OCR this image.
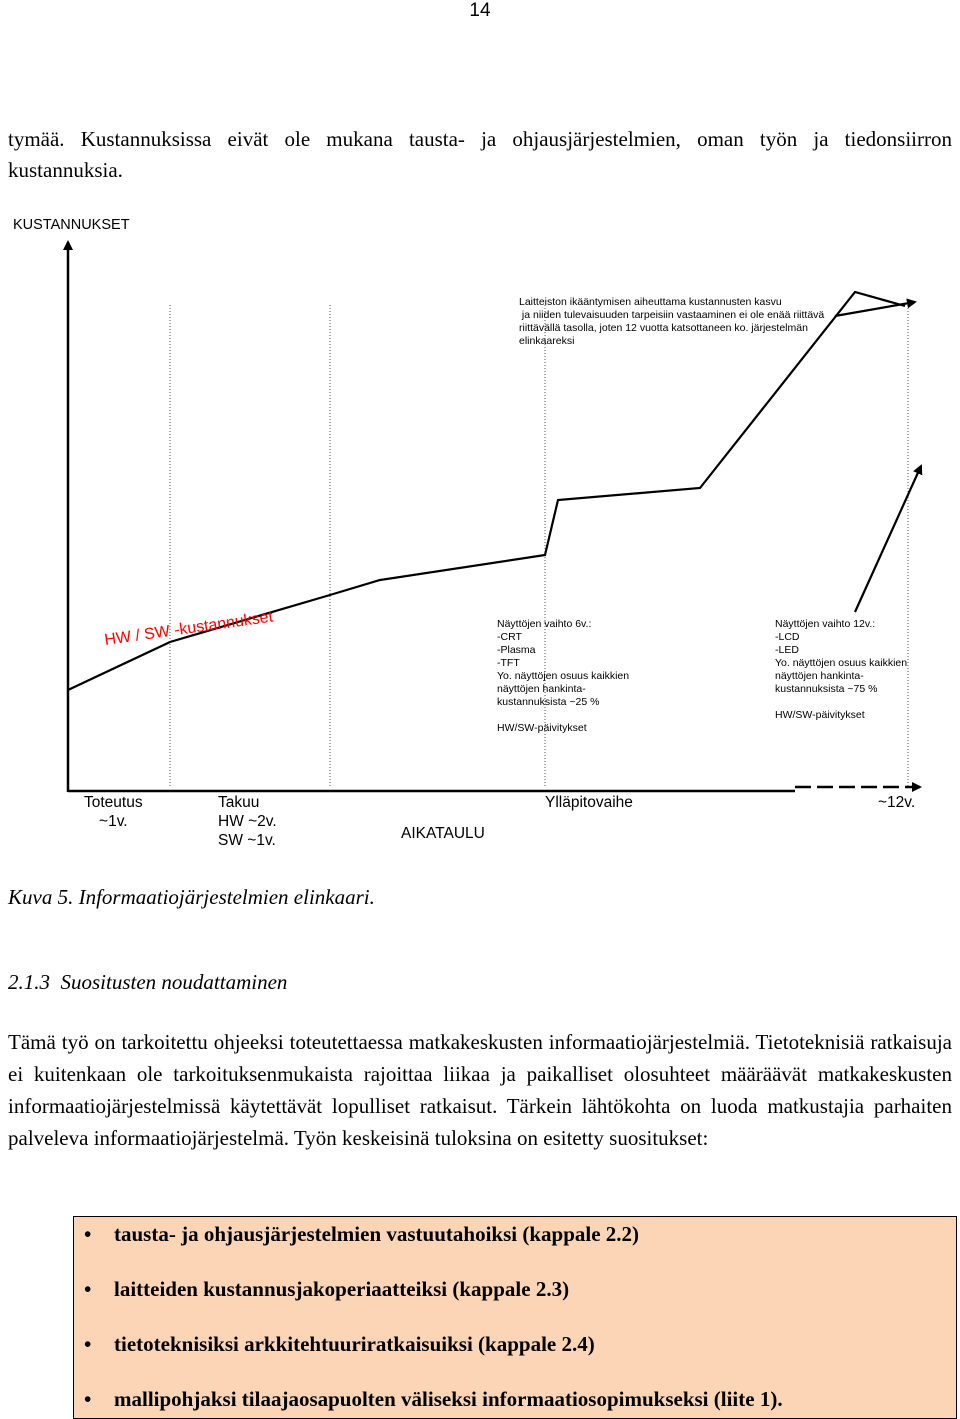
14
tymää. Kustannuksissa eivät ole mukana tausta- ja ohjausjärjestelmien, oman työn ja tiedonsiirron kustannuksia.
KUSTANNUKSET
Laitteiston ikääntymisen aiheuttama kustannusten kasvu
ja niiden tulevaisuuden tarpeisiin vastaaminen ei ole enää riittävä
riittävällä tasolla, joten 12 vuotta katsottaneen ko. järjestelmän
elinkaareksi
HW / SW -kustannukset	Näyttöjen vaihto 6v.:
-CRT
-Plasma
-TFT
Yo. näyttöjen osuus kaikkien
näyttöjen hankinta-
kustannuksista ~25 %
HW/SW-päivitykset
Näyttöjen vaihto 12v.:
-LCD
-LED
Yo. näyttöjen osuus kaikkien
näyttöjen hankinta-
kustannuksista ~75 %
HW/SW-päivitykset
Toteutus
~1v.
Takuu
HW ~2v.
SW ~1v.	AIKATAULU
Ylläpitovaihe	~12v.
Kuva 5. Informaatiojärjestelmien elinkaari.
2.1.3  Suositusten noudattaminen

Tämä työ on tarkoitettu ohjeeksi toteutettaessa matkakeskusten informaatiojärjestelmiä. Tietoteknisiä ratkaisuja ei kuitenkaan ole tarkoituksenmukaista rajoittaa liikaa ja paikalliset olosuhteet määräävät matkakeskusten informaatiojärjestelmissä käytettävät lopulliset ratkaisut. Tärkein lähtökohta on luoda matkustajia parhaiten palveleva informaatiojärjestelmä. Työn keskeisinä tuloksina on esitetty suositukset:

• tausta- ja ohjausjärjestelmien vastuutahoiksi (kappale 2.2)
• laitteiden kustannusjakoperiaatteiksi (kappale 2.3)
• tietoteknisiksi arkkitehtuuriratkaisuiksi (kappale 2.4)
• mallipohjaksi tilaajaosapuolten väliseksi informaatiosopimukseksi (liite 1).
